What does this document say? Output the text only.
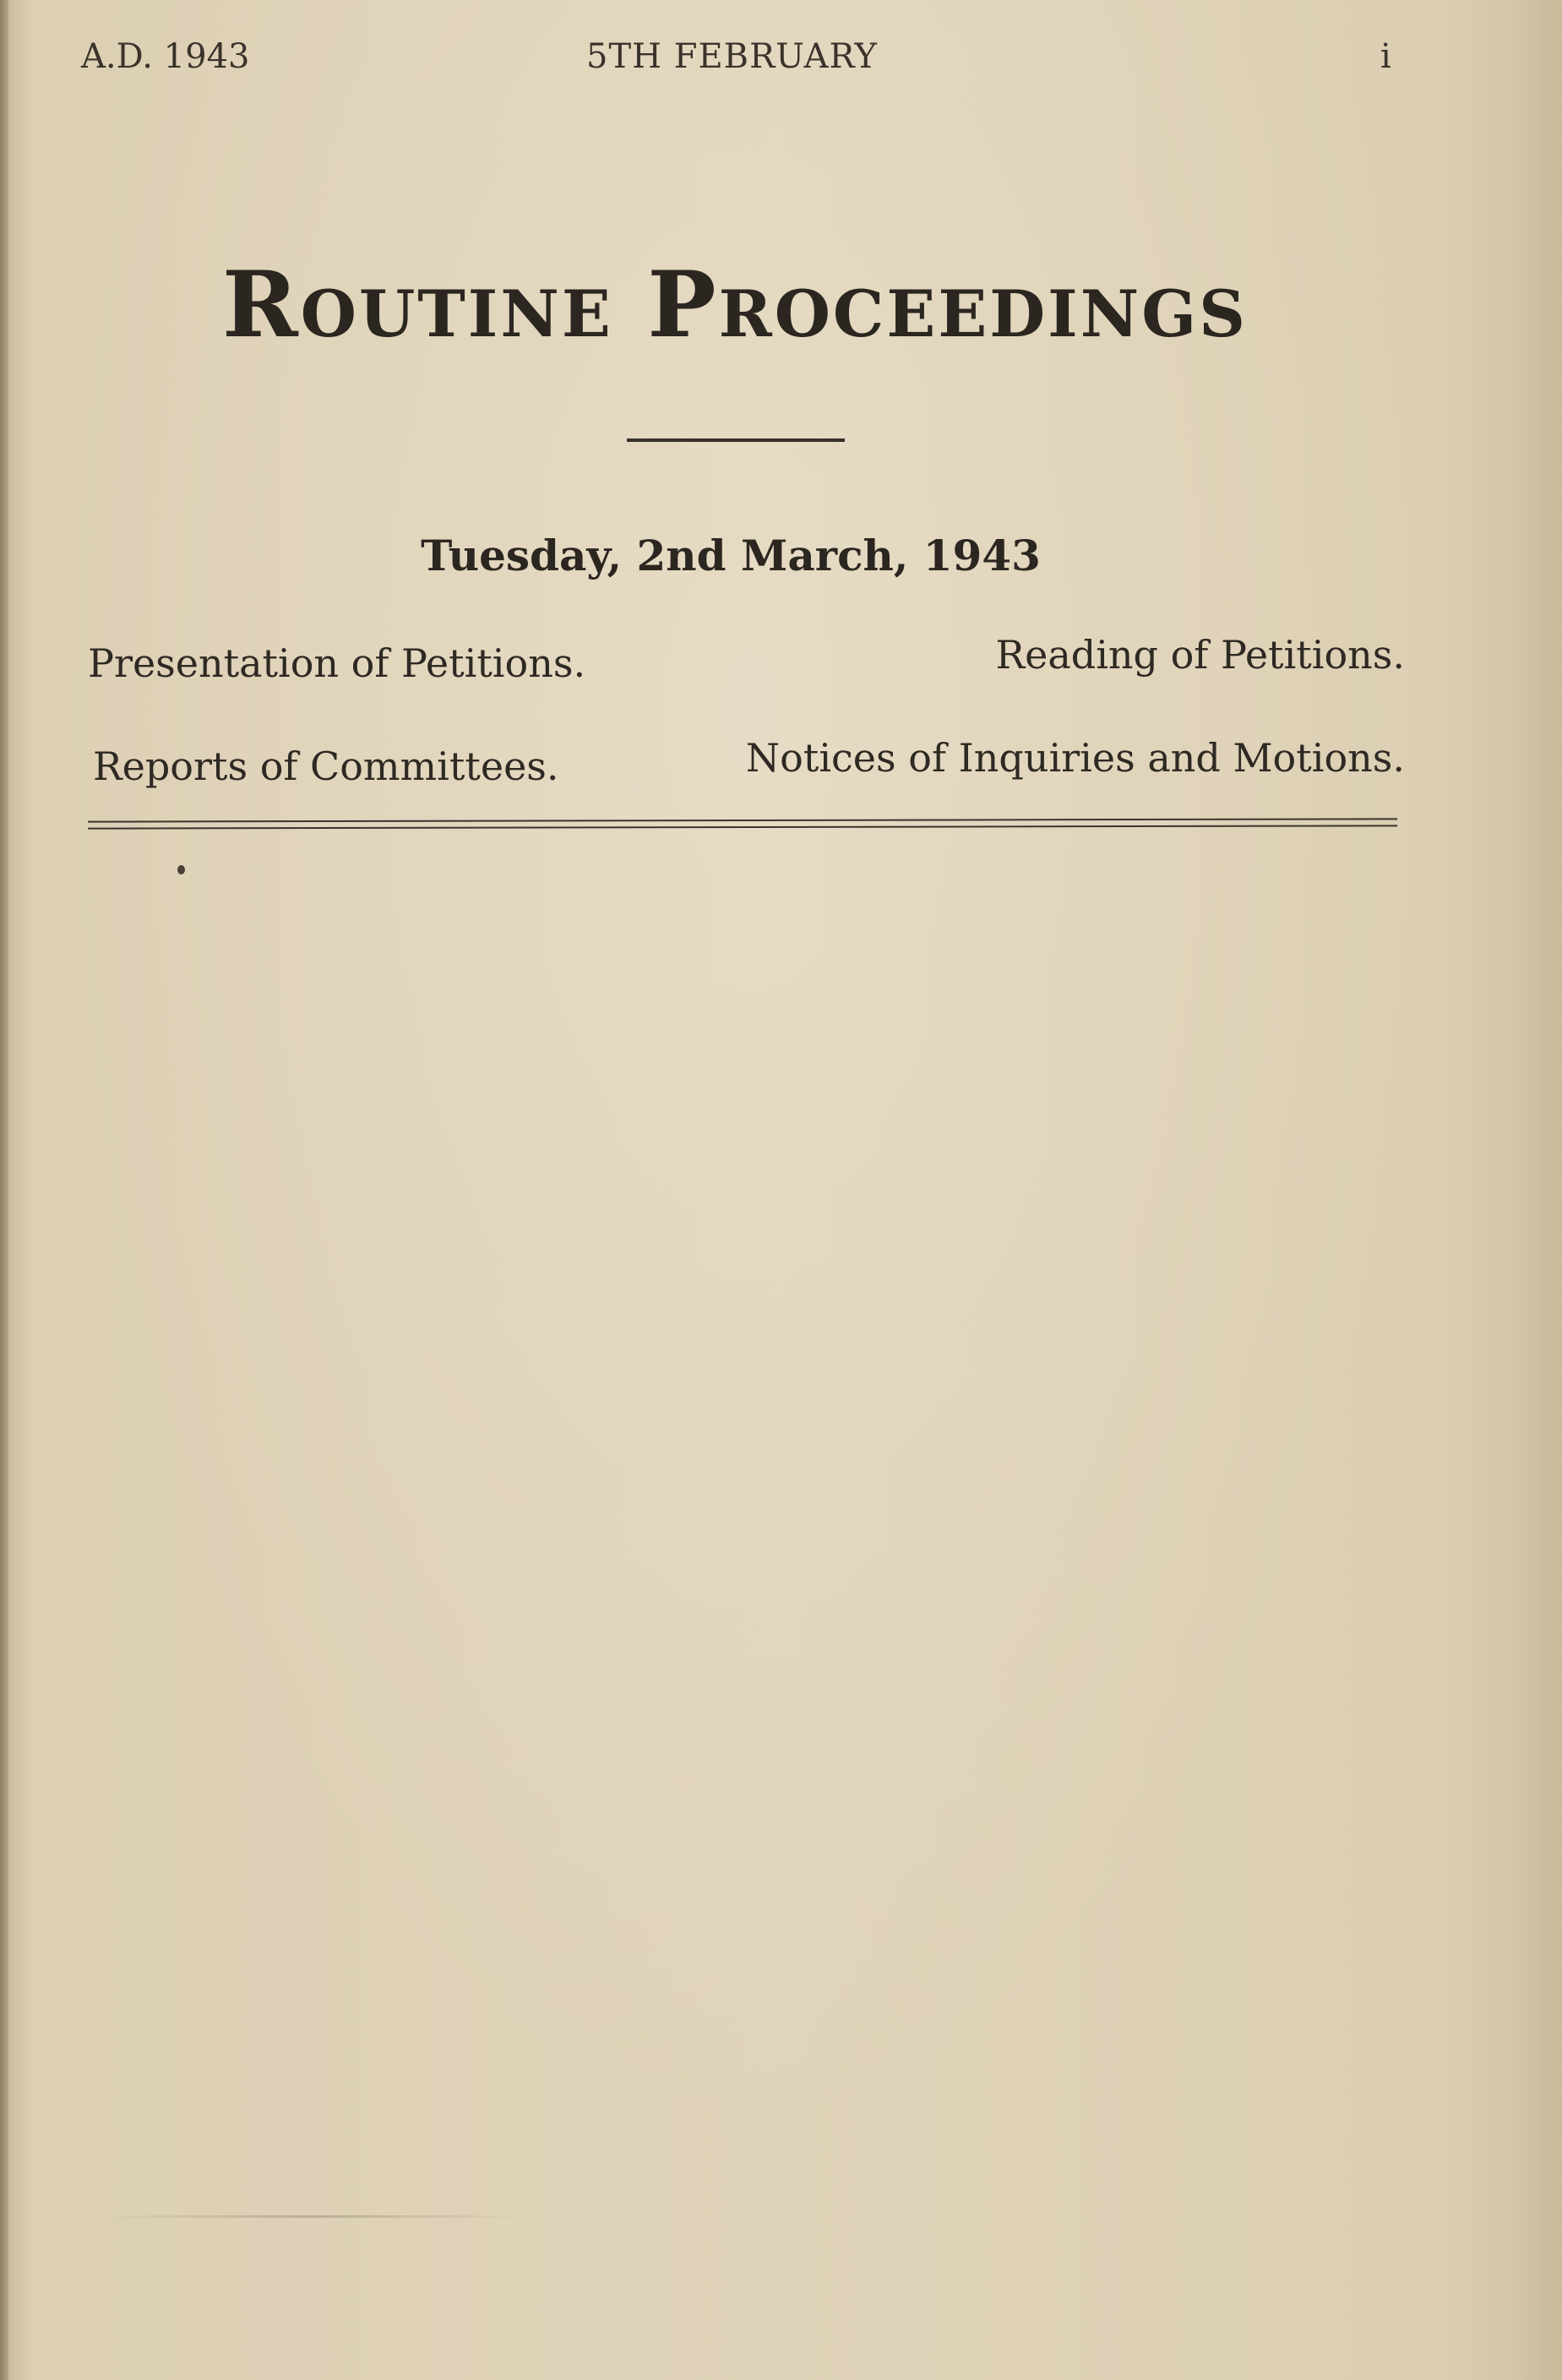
A.D. 1943	5TH FEBRUARY	i
Routine Proceedings
Tuesday, 2nd March, 1943
Presentation of Petitions.	Reading of Petitions.
Reports of Committees.	Notices of Inquiries and Motions.
